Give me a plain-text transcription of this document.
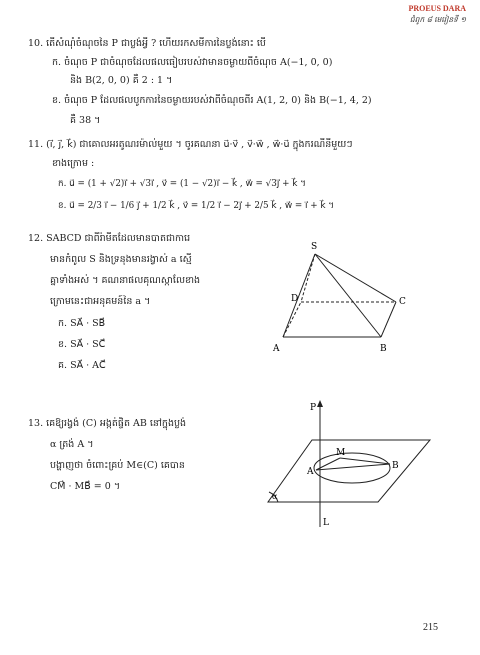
PROEUS DARA
ជំពូក ៨ មេរៀនទី ១
10. តើសំណុំចំណុចនៃ P ជាប្លង់អ្វី ? ហើយរកសមីការនៃប្លង់នោះ បើ
ក. ចំណុច P ជាចំណុចដែលផលធៀបរបស់វាមានចម្ងាយពីចំណុច A(−1, 0, 0)
និង B(2, 0, 0) គឺ 2 : 1 ។
ខ. ចំណុច P ដែលផលបូកការនៃចម្ងាយរបស់វាពីចំណុចពីរ A(1, 2, 0) និង B(−1, 4, 2)
គឺ 38 ។
11. (i⃗, j⃗, k⃗) ជាគោលអរតូណរម៉ាល់មួយ ។ ចូរគណនា u⃗·v⃗ , v⃗·w⃗ , w⃗·u⃗ ក្នុងករណីនីមួយៗ
ខាងក្រោម :
ក. u⃗ = (1 + √2)i⃗ + √3i⃗ , v⃗ = (1 − √2)i⃗ − k⃗ , w⃗ = √3j⃗ + k⃗ ។
ខ. u⃗ = 2/3 i⃗ − 1/6 j⃗ + 1/2 k⃗ , v⃗ = 1/2 i⃗ − 2j⃗ + 2/5 k⃗ , w⃗ = i⃗ + k⃗ ។
12. SABCD ជាពីរ៉ាមីតដែលមានបាតជាការេ
មានកំពូល S និងទ្រនុងមានរង្វាស់ a ស្មើ
គ្នាទាំងអស់ ។ គណនាផលគុណស្កាលែខាង
ក្រោមនេះជាអនុគមន៍នៃ a ។
ក. SA⃗ · SB⃗
ខ. SA⃗ · SC⃗
គ. SA⃗ · AC⃗
S
A	B
C
D
13. គេឱ្យរង្វង់ (C) អង្កត់ផ្ចិត AB នៅក្នុងប្លង់
α ត្រង់ A ។
បង្ហាញថា ចំពោះគ្រប់ M∈(C) គេបាន
CM⃗ · MB⃗ = 0 ។
P
A
M
B
L
α
215
